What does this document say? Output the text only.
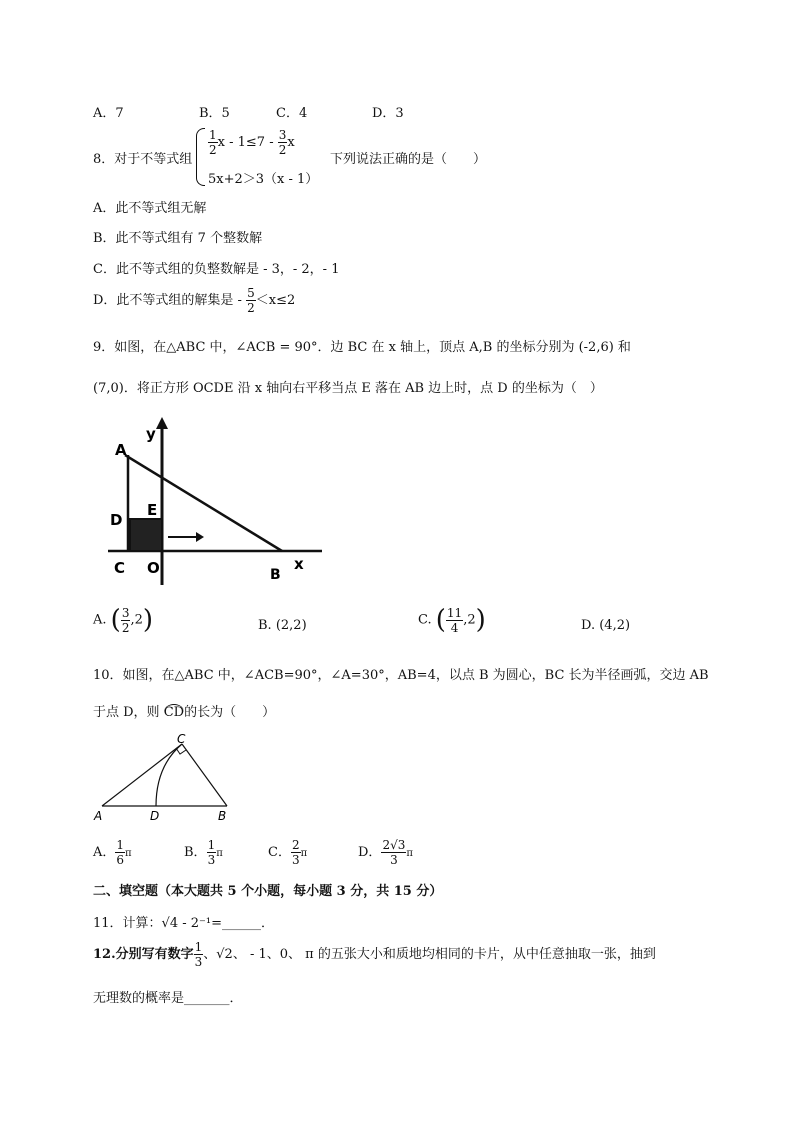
A．7	B．5	C．4	D．3
8．对于不等式组
$\frac{1}{2}$ $x - 1\le 7 - \frac{3}{2}$ x
5x+2＞3（x - 1）
下列说法正确的是（　　）
A．此不等式组无解
B．此不等式组有 7 个整数解
C．此不等式组的负整数解是 - 3，- 2，- 1
D．此不等式组的解集是 - $\frac{5}{2} <x\le 2$
9．如图，在△ABC 中，∠ACB = 90°．边 BC 在 x 轴上，顶点 A,B 的坐标分别为 (-2,6) 和
(7,0)．将正方形 OCDE 沿 x 轴向右平移当点 E 落在 AB 边上时，点 D 的坐标为（　）
A
y
D
E
C O	B
x
A. ( $\frac{3}{2} ,2$)	B. (2,2)	C. ( $\frac{11}{4} ,2$)	D. (4,2)
10．如图，在△ABC 中，∠ACB=90°，∠A=30°，AB=4，以点 B 为圆心，BC 长为半径画弧，交边 AB
于点 D，则 CD的长为（　　）
C
A	D	B
A． $\frac{1}{6}$ π	B． $\frac{1}{3}$ π	C． $\frac{2}{3}$ π	D． $\frac{2√3}{3}$ π
二、填空题（本大题共 5 个小题，每小题 3 分，共 15 分）
11．计算：√4 - 2⁻¹=______．
12.分别写有数字 $\frac{1}{3}$ 、√2、 - 1、0、 π 的五张大小和质地均相同的卡片，从中任意抽取一张，抽到
无理数的概率是_______．
